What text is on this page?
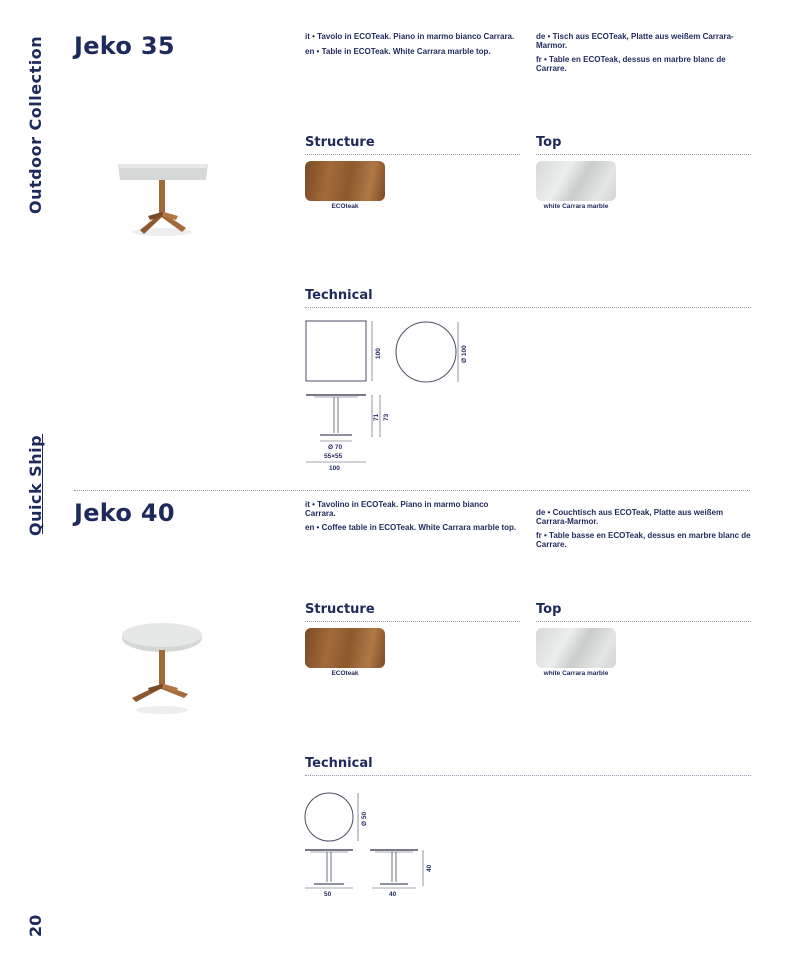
Outdoor Collection
Quick Ship
20
Jeko 35	it • Tavolo in ECOTeak. Piano in marmo bianco Carrara.

en • Table in ECOTeak. White Carrara marble top.

de • Tisch aus ECOTeak, Platte aus weißem Carrara-Marmor.

fr • Table en ECOTeak, dessus en marbre blanc de Carrare.

Structure	Top
ECOteak	white Carrara marble
Technical
100	Ø 100
71 73
Ø 70
55×55
100
Jeko 40	it • Tavolino in ECOTeak. Piano in marmo bianco Carrara.

en • Coffee table in ECOTeak. White Carrara marble top.

de • Couchtisch aus ECOTeak, Platte aus weißem Carrara-Marmor.

fr • Table basse en ECOTeak, dessus en marbre blanc de Carrare.

Structure	Top
ECOteak	white Carrara marble
Technical
Ø 50
50	40
40
